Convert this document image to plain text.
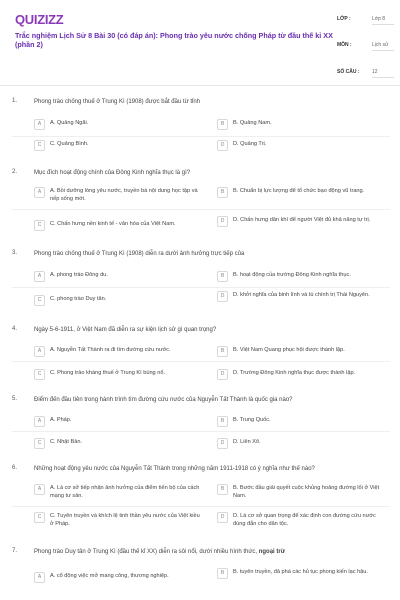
QUIZIZZ
Trắc nghiệm Lịch Sử 8 Bài 30 (có đáp án): Phong trào yêu nước chống Pháp từ đầu thế kỉ XX (phần 2)
LỚP :	Lớp 8
MÔN :	Lịch sử
SỐ CÂU :	12
1.	Phong trào chống thuế ở Trung Kì (1908) được bắt đầu từ tỉnh
A	A. Quảng Ngãi.	B	B. Quảng Nam.
C	C. Quảng Bình.	D	D. Quảng Trị.
2.	Mục đích hoạt động chính của Đông Kinh nghĩa thục là gì?
A	A. Bồi dưỡng lòng yêu nước, truyền bá nội dung học tập và nếp sống mới.
B	B. Chuẩn bị lực lượng để tổ chức bạo động vũ trang.
C	C. Chấn hưng nền kinh tế - văn hóa của Việt Nam.	D	D. Chấn hưng dân khí để người Việt đủ khả năng tự trị.
3.	Phong trào chống thuế ở Trung Kì (1908) diễn ra dưới ảnh hưởng trực tiếp của
A	A. phong trào Đông du.	B	B. hoạt động của trường Đông Kinh nghĩa thục.
C	C. phong trào Duy tân.	D	D. khởi nghĩa của binh lính và tù chính trị Thái Nguyên.
4.	Ngày 5-6-1911, ở Việt Nam đã diễn ra sự kiện lịch sử gì quan trọng?
A	A. Nguyễn Tất Thành ra đi tìm đường cứu nước.	B	B. Việt Nam Quang phục hội được thành lập.
C	C. Phong trào kháng thuế ở Trung Kì bùng nổ.	D	D. Trường Đông Kinh nghĩa thục được thành lập.
5.	Điểm đến đầu tiên trong hành trình tìm đường cứu nước của Nguyễn Tất Thành là quốc gia nào?
A	A. Pháp.	B	B. Trung Quốc.
C	C. Nhật Bản.	D	D. Liên Xô.
6.	Những hoạt động yêu nước của Nguyễn Tất Thành trong những năm 1911-1918 có ý nghĩa như thế nào?
A	A. Là cơ sở tiếp nhận ảnh hưởng của điểm tiến bộ của cách mạng tư sản.
B	B. Bước đầu giải quyết cuộc khủng hoảng đường lối ở Việt Nam.
C	C. Tuyên truyền và khích lệ tinh thần yêu nước của Việt kiều ở Pháp.
D	D. Là cơ sở quan trọng để xác định con đường cứu nước đúng đắn cho dân tộc.
7.	Phong trào Duy tân ở Trung Kì (đầu thế kỉ XX) diễn ra sôi nổi, dưới nhiều hình thức, ngoại trừ
A	A. cổ động việc mở mang công, thương nghiệp.	B	B. tuyên truyền, đả phá các hủ tục phong kiến lạc hậu.
